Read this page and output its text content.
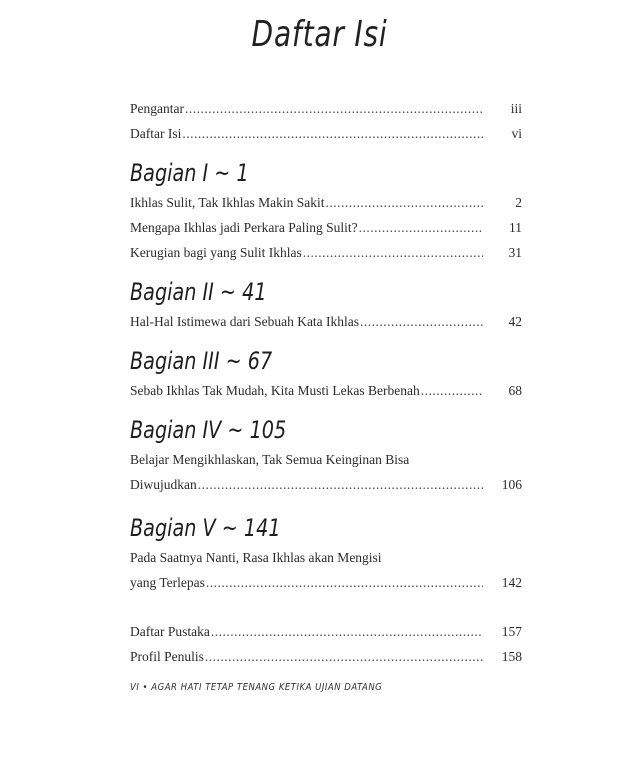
Daftar Isi
Pengantar .....	iii
Daftar Isi .....	vi
Bagian I ~ 1
Ikhlas Sulit, Tak Ikhlas Makin Sakit .....	2
Mengapa Ikhlas jadi Perkara Paling Sulit? .....	11
Kerugian bagi yang Sulit Ikhlas .....	31
Bagian II ~ 41
Hal-Hal Istimewa dari Sebuah Kata Ikhlas .....	42
Bagian III ~ 67
Sebab Ikhlas Tak Mudah, Kita Musti Lekas Berbenah .....	68
Bagian IV ~ 105
Belajar Mengikhlaskan, Tak Semua Keinginan Bisa
Diwujudkan .....	106
Bagian V ~ 141
Pada Saatnya Nanti, Rasa Ikhlas akan Mengisi
yang Terlepas .....	142
Daftar Pustaka .....	157
Profil Penulis .....	158
VI • AGAR HATI TETAP TENANG KETIKA UJIAN DATANG
